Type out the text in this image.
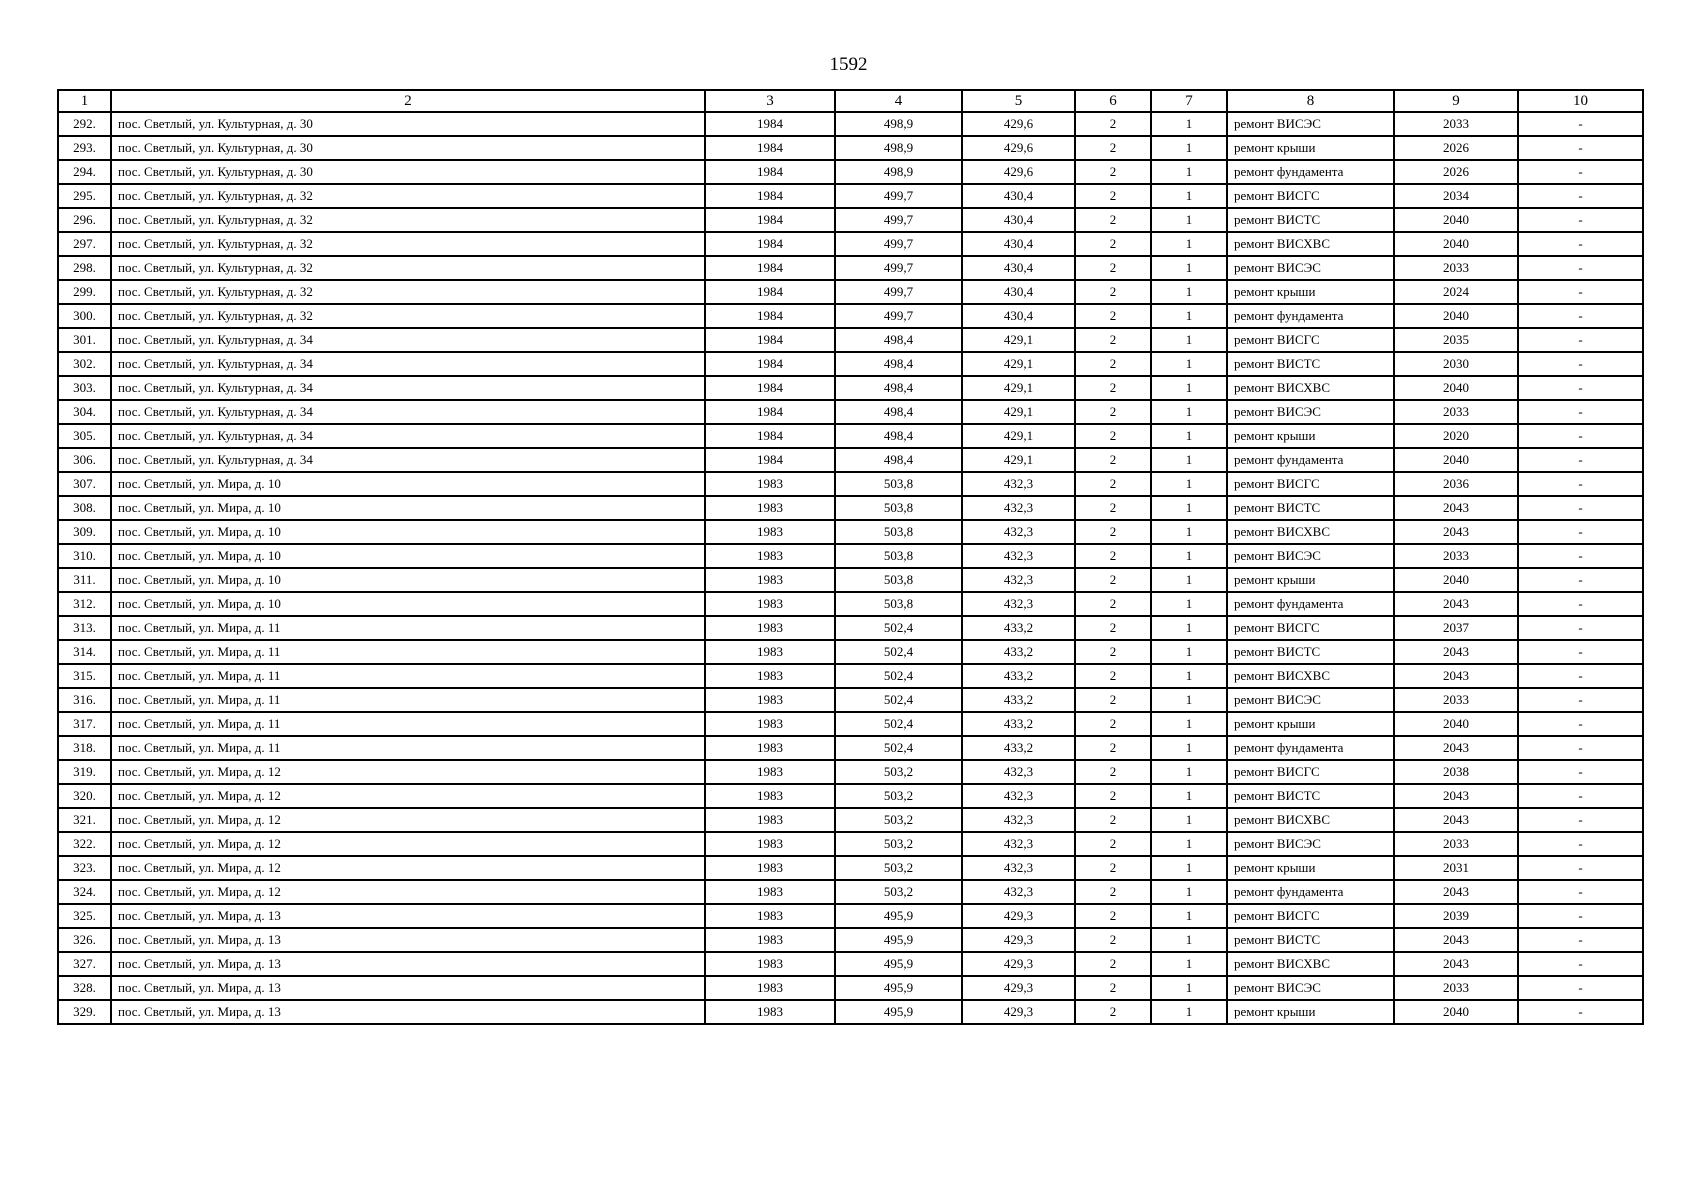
1592
1	2	3	4	5	6	7	8	9	10
292.	пос. Светлый, ул. Культурная, д. 30	1984	498,9	429,6	2	1	ремонт ВИСЭС	2033	-
293.	пос. Светлый, ул. Культурная, д. 30	1984	498,9	429,6	2	1	ремонт крыши	2026	-
294.	пос. Светлый, ул. Культурная, д. 30	1984	498,9	429,6	2	1	ремонт фундамента	2026	-
295.	пос. Светлый, ул. Культурная, д. 32	1984	499,7	430,4	2	1	ремонт ВИСГС	2034	-
296.	пос. Светлый, ул. Культурная, д. 32	1984	499,7	430,4	2	1	ремонт ВИСТС	2040	-
297.	пос. Светлый, ул. Культурная, д. 32	1984	499,7	430,4	2	1	ремонт ВИСХВС	2040	-
298.	пос. Светлый, ул. Культурная, д. 32	1984	499,7	430,4	2	1	ремонт ВИСЭС	2033	-
299.	пос. Светлый, ул. Культурная, д. 32	1984	499,7	430,4	2	1	ремонт крыши	2024	-
300.	пос. Светлый, ул. Культурная, д. 32	1984	499,7	430,4	2	1	ремонт фундамента	2040	-
301.	пос. Светлый, ул. Культурная, д. 34	1984	498,4	429,1	2	1	ремонт ВИСГС	2035	-
302.	пос. Светлый, ул. Культурная, д. 34	1984	498,4	429,1	2	1	ремонт ВИСТС	2030	-
303.	пос. Светлый, ул. Культурная, д. 34	1984	498,4	429,1	2	1	ремонт ВИСХВС	2040	-
304.	пос. Светлый, ул. Культурная, д. 34	1984	498,4	429,1	2	1	ремонт ВИСЭС	2033	-
305.	пос. Светлый, ул. Культурная, д. 34	1984	498,4	429,1	2	1	ремонт крыши	2020	-
306.	пос. Светлый, ул. Культурная, д. 34	1984	498,4	429,1	2	1	ремонт фундамента	2040	-
307.	пос. Светлый, ул. Мира, д. 10	1983	503,8	432,3	2	1	ремонт ВИСГС	2036	-
308.	пос. Светлый, ул. Мира, д. 10	1983	503,8	432,3	2	1	ремонт ВИСТС	2043	-
309.	пос. Светлый, ул. Мира, д. 10	1983	503,8	432,3	2	1	ремонт ВИСХВС	2043	-
310.	пос. Светлый, ул. Мира, д. 10	1983	503,8	432,3	2	1	ремонт ВИСЭС	2033	-
311.	пос. Светлый, ул. Мира, д. 10	1983	503,8	432,3	2	1	ремонт крыши	2040	-
312.	пос. Светлый, ул. Мира, д. 10	1983	503,8	432,3	2	1	ремонт фундамента	2043	-
313.	пос. Светлый, ул. Мира, д. 11	1983	502,4	433,2	2	1	ремонт ВИСГС	2037	-
314.	пос. Светлый, ул. Мира, д. 11	1983	502,4	433,2	2	1	ремонт ВИСТС	2043	-
315.	пос. Светлый, ул. Мира, д. 11	1983	502,4	433,2	2	1	ремонт ВИСХВС	2043	-
316.	пос. Светлый, ул. Мира, д. 11	1983	502,4	433,2	2	1	ремонт ВИСЭС	2033	-
317.	пос. Светлый, ул. Мира, д. 11	1983	502,4	433,2	2	1	ремонт крыши	2040	-
318.	пос. Светлый, ул. Мира, д. 11	1983	502,4	433,2	2	1	ремонт фундамента	2043	-
319.	пос. Светлый, ул. Мира, д. 12	1983	503,2	432,3	2	1	ремонт ВИСГС	2038	-
320.	пос. Светлый, ул. Мира, д. 12	1983	503,2	432,3	2	1	ремонт ВИСТС	2043	-
321.	пос. Светлый, ул. Мира, д. 12	1983	503,2	432,3	2	1	ремонт ВИСХВС	2043	-
322.	пос. Светлый, ул. Мира, д. 12	1983	503,2	432,3	2	1	ремонт ВИСЭС	2033	-
323.	пос. Светлый, ул. Мира, д. 12	1983	503,2	432,3	2	1	ремонт крыши	2031	-
324.	пос. Светлый, ул. Мира, д. 12	1983	503,2	432,3	2	1	ремонт фундамента	2043	-
325.	пос. Светлый, ул. Мира, д. 13	1983	495,9	429,3	2	1	ремонт ВИСГС	2039	-
326.	пос. Светлый, ул. Мира, д. 13	1983	495,9	429,3	2	1	ремонт ВИСТС	2043	-
327.	пос. Светлый, ул. Мира, д. 13	1983	495,9	429,3	2	1	ремонт ВИСХВС	2043	-
328.	пос. Светлый, ул. Мира, д. 13	1983	495,9	429,3	2	1	ремонт ВИСЭС	2033	-
329.	пос. Светлый, ул. Мира, д. 13	1983	495,9	429,3	2	1	ремонт крыши	2040	-
